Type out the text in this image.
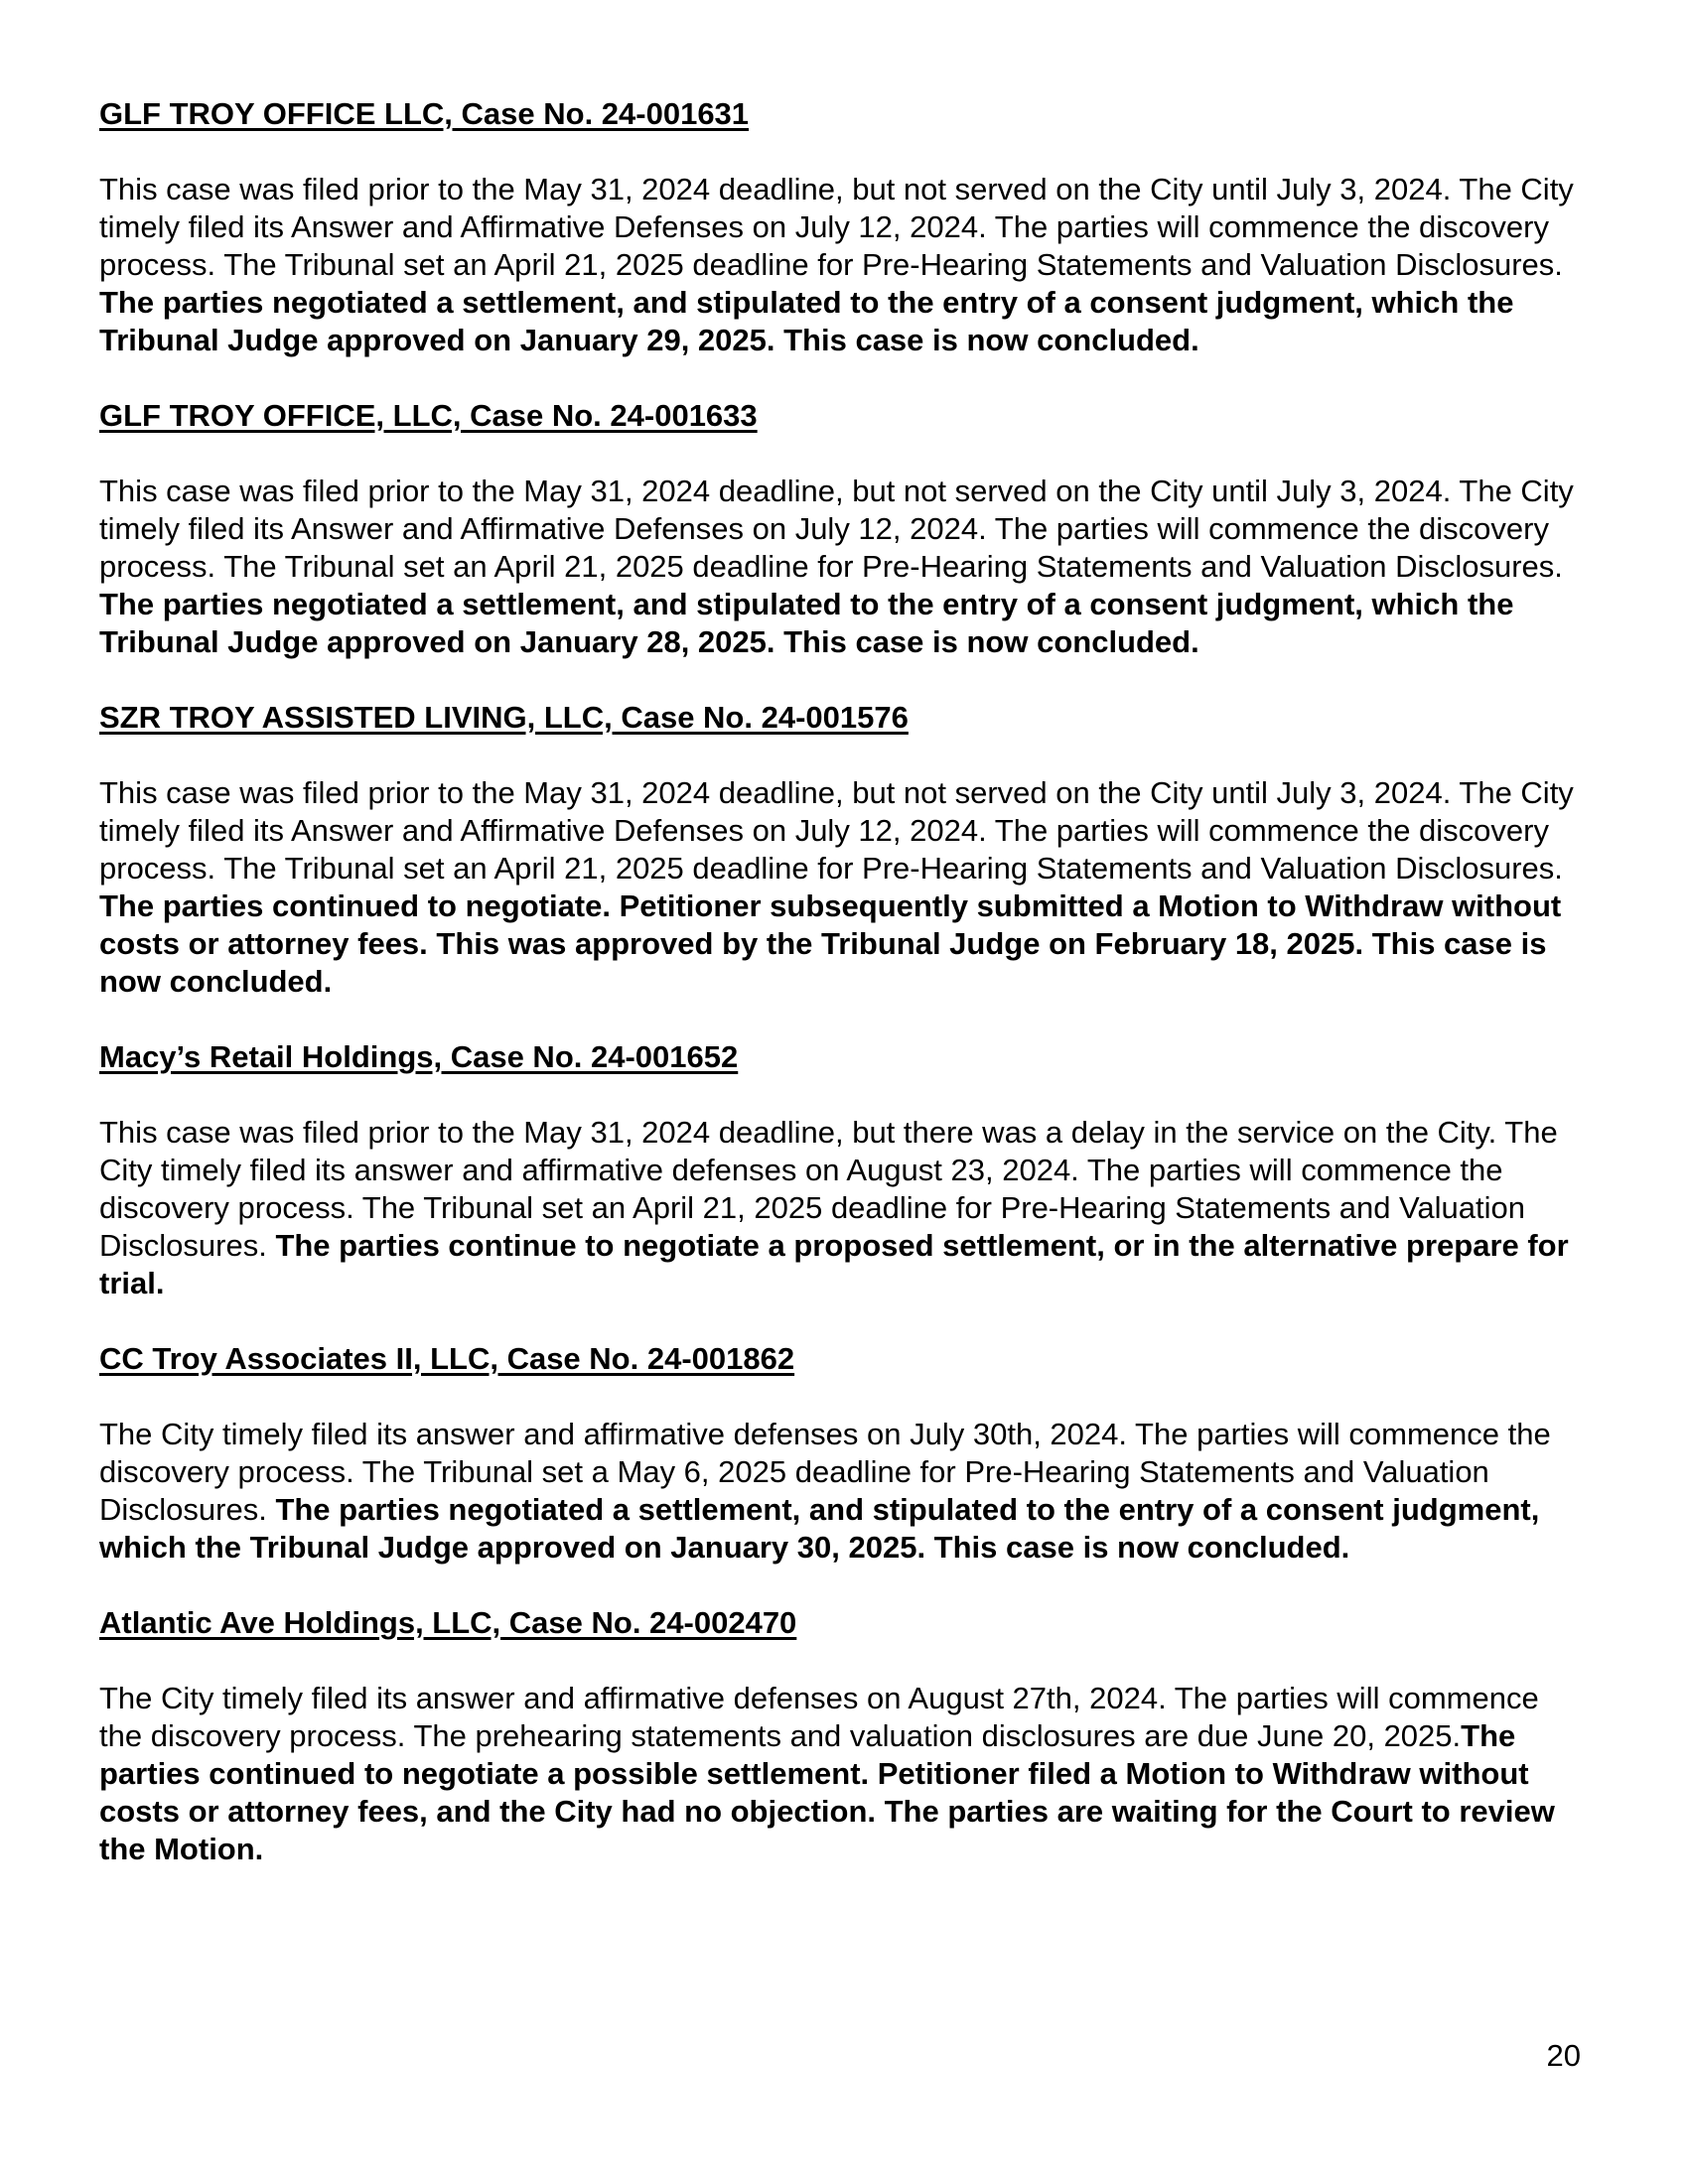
GLF TROY OFFICE LLC, Case No. 24-001631

This case was filed prior to the May 31, 2024 deadline, but not served on the City until July 3, 2024. The City timely filed its Answer and Affirmative Defenses on July 12, 2024. The parties will commence the discovery process. The Tribunal set an April 21, 2025 deadline for Pre-Hearing Statements and Valuation Disclosures. The parties negotiated a settlement, and stipulated to the entry of a consent judgment, which the Tribunal Judge approved on January 29, 2025. This case is now concluded.

GLF TROY OFFICE, LLC, Case No. 24-001633

This case was filed prior to the May 31, 2024 deadline, but not served on the City until July 3, 2024. The City timely filed its Answer and Affirmative Defenses on July 12, 2024. The parties will commence the discovery process. The Tribunal set an April 21, 2025 deadline for Pre-Hearing Statements and Valuation Disclosures. The parties negotiated a settlement, and stipulated to the entry of a consent judgment, which the Tribunal Judge approved on January 28, 2025. This case is now concluded.

SZR TROY ASSISTED LIVING, LLC, Case No. 24-001576

This case was filed prior to the May 31, 2024 deadline, but not served on the City until July 3, 2024. The City timely filed its Answer and Affirmative Defenses on July 12, 2024. The parties will commence the discovery process. The Tribunal set an April 21, 2025 deadline for Pre-Hearing Statements and Valuation Disclosures. The parties continued to negotiate. Petitioner subsequently submitted a Motion to Withdraw without costs or attorney fees. This was approved by the Tribunal Judge on February 18, 2025. This case is now concluded.

Macy’s Retail Holdings, Case No. 24-001652

This case was filed prior to the May 31, 2024 deadline, but there was a delay in the service on the City. The City timely filed its answer and affirmative defenses on August 23, 2024. The parties will commence the discovery process. The Tribunal set an April 21, 2025 deadline for Pre-Hearing Statements and Valuation Disclosures. The parties continue to negotiate a proposed settlement, or in the alternative prepare for trial.

CC Troy Associates II, LLC, Case No. 24-001862

The City timely filed its answer and affirmative defenses on July 30th, 2024. The parties will commence the discovery process. The Tribunal set a May 6, 2025 deadline for Pre-Hearing Statements and Valuation Disclosures. The parties negotiated a settlement, and stipulated to the entry of a consent judgment, which the Tribunal Judge approved on January 30, 2025. This case is now concluded.

Atlantic Ave Holdings, LLC, Case No. 24-002470

The City timely filed its answer and affirmative defenses on August 27th, 2024. The parties will commence the discovery process. The prehearing statements and valuation disclosures are due June 20, 2025.The parties continued to negotiate a possible settlement. Petitioner filed a Motion to Withdraw without costs or attorney fees, and the City had no objection. The parties are waiting for the Court to review the Motion.

20
